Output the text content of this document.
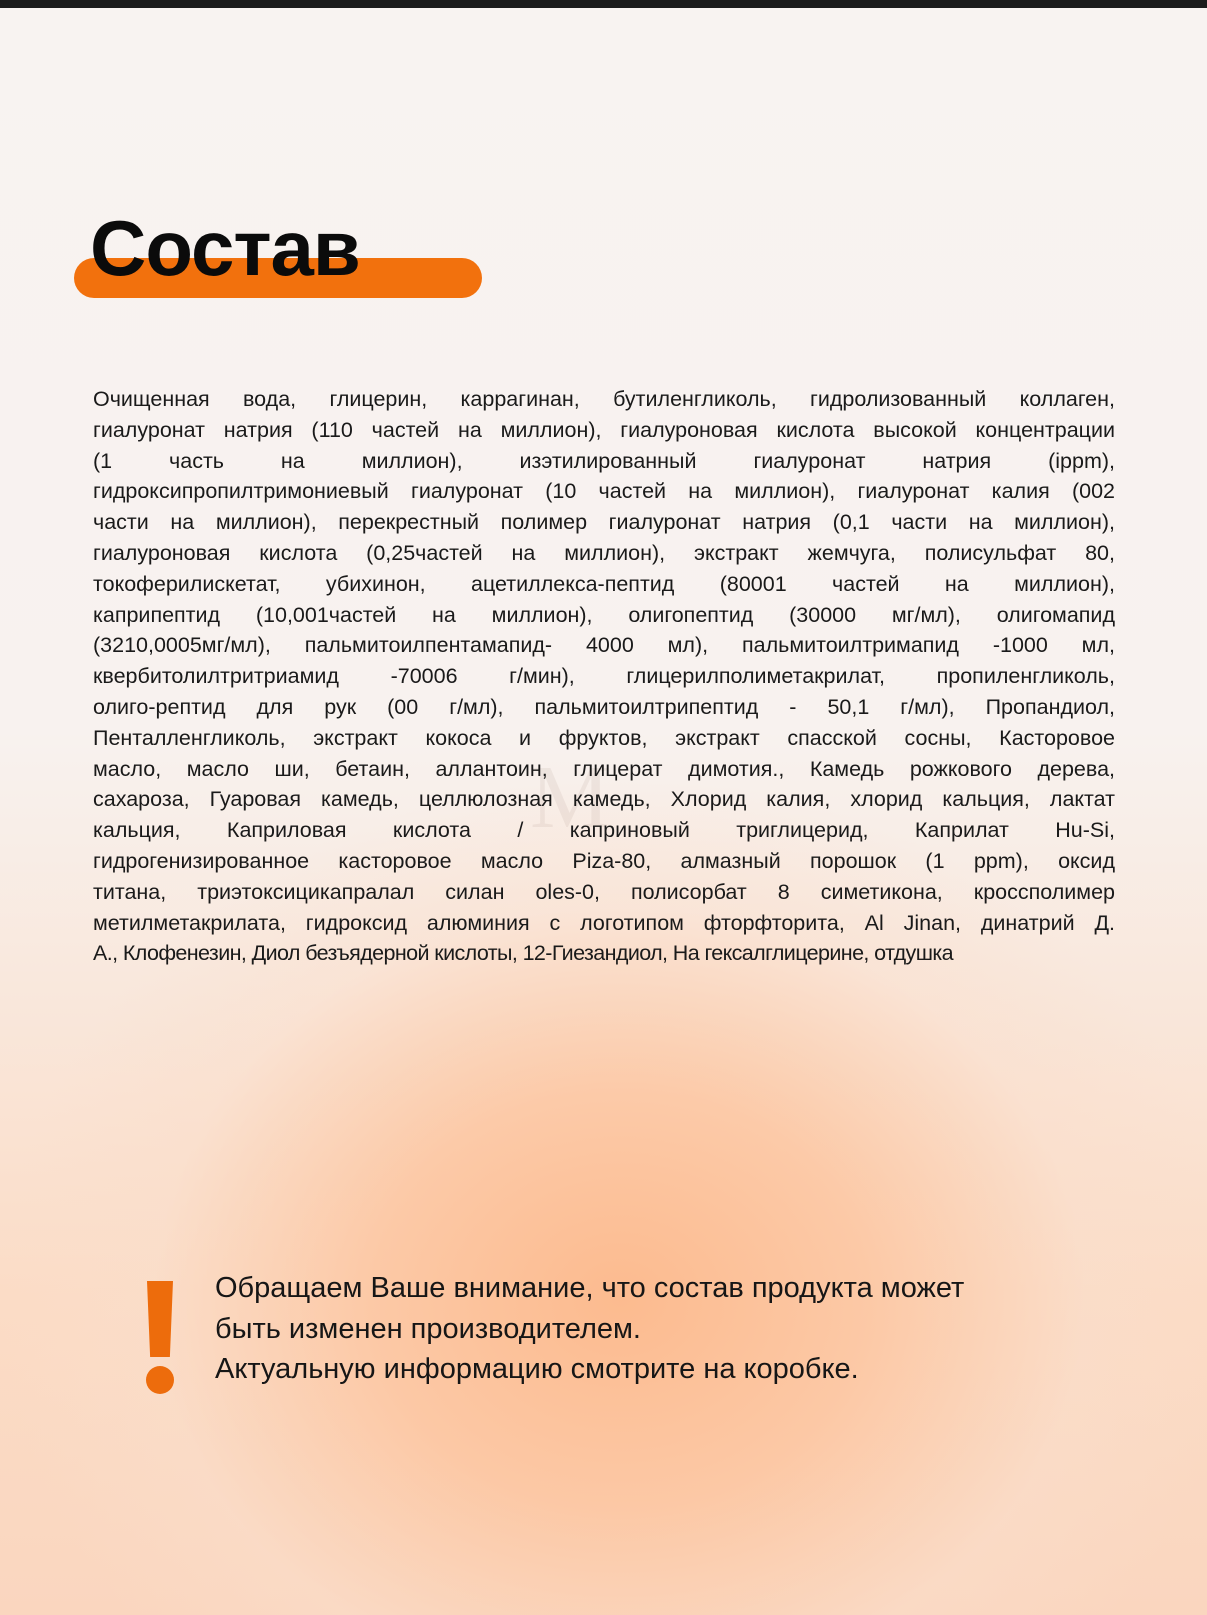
Состав
M
Очищенная вода, глицерин, каррагинан, бутиленгликоль, гидролизованный коллаген,
гиалуронат натрия (110 частей на миллион), гиалуроновая кислота высокой концентрации
(1 часть на миллион), изэтилированный гиалуронат натрия (ippm),
гидроксипропилтримониевый гиалуронат (10 частей на миллион), гиалуронат калия (002
части на миллион), перекрестный полимер гиалуронат натрия (0,1 части на миллион),
гиалуроновая кислота (0,25частей на миллион), экстракт жемчуга, полисульфат 80,
токоферилискетат, убихинон, ацетиллекса-пептид (80001 частей на миллион),
каприпептид (10,001частей на миллион), олигопептид (30000 мг/мл), олигомапид
(3210,0005мг/мл), пальмитоилпентамапид- 4000 мл), пальмитоилтримапид -1000 мл,
квербитолилтритриамид -70006 г/мин), глицерилполиметакрилат, пропиленгликоль,
олиго-рептид для рук (00 г/мл), пальмитоилтрипептид - 50,1 г/мл), Пропандиол,
Пенталленгликоль, экстракт кокоса и фруктов, экстракт спасской сосны, Касторовое
масло, масло ши, бетаин, аллантоин, глицерат димотия., Камедь рожкового дерева,
сахароза, Гуаровая камедь, целлюлозная камедь, Хлорид калия, хлорид кальция, лактат
кальция, Каприловая кислота / каприновый триглицерид, Каприлат Hu-Si,
гидрогенизированное касторовое масло Piza-80, алмазный порошок (1 ppm), оксид
титана, триэтоксицикапралал силан oles-0, полисорбат 8 симетикона, кроссполимер
метилметакрилата, гидроксид алюминия с логотипом фторфторита, Al Jinan, динатрий Д.
А., Клофенезин, Диол безъядерной кислоты, 12-Гиезандиол, На гексалглицерине, отдушка
Обращаем Ваше внимание, что состав продукта может
быть изменен производителем.
Актуальную информацию смотрите на коробке.
